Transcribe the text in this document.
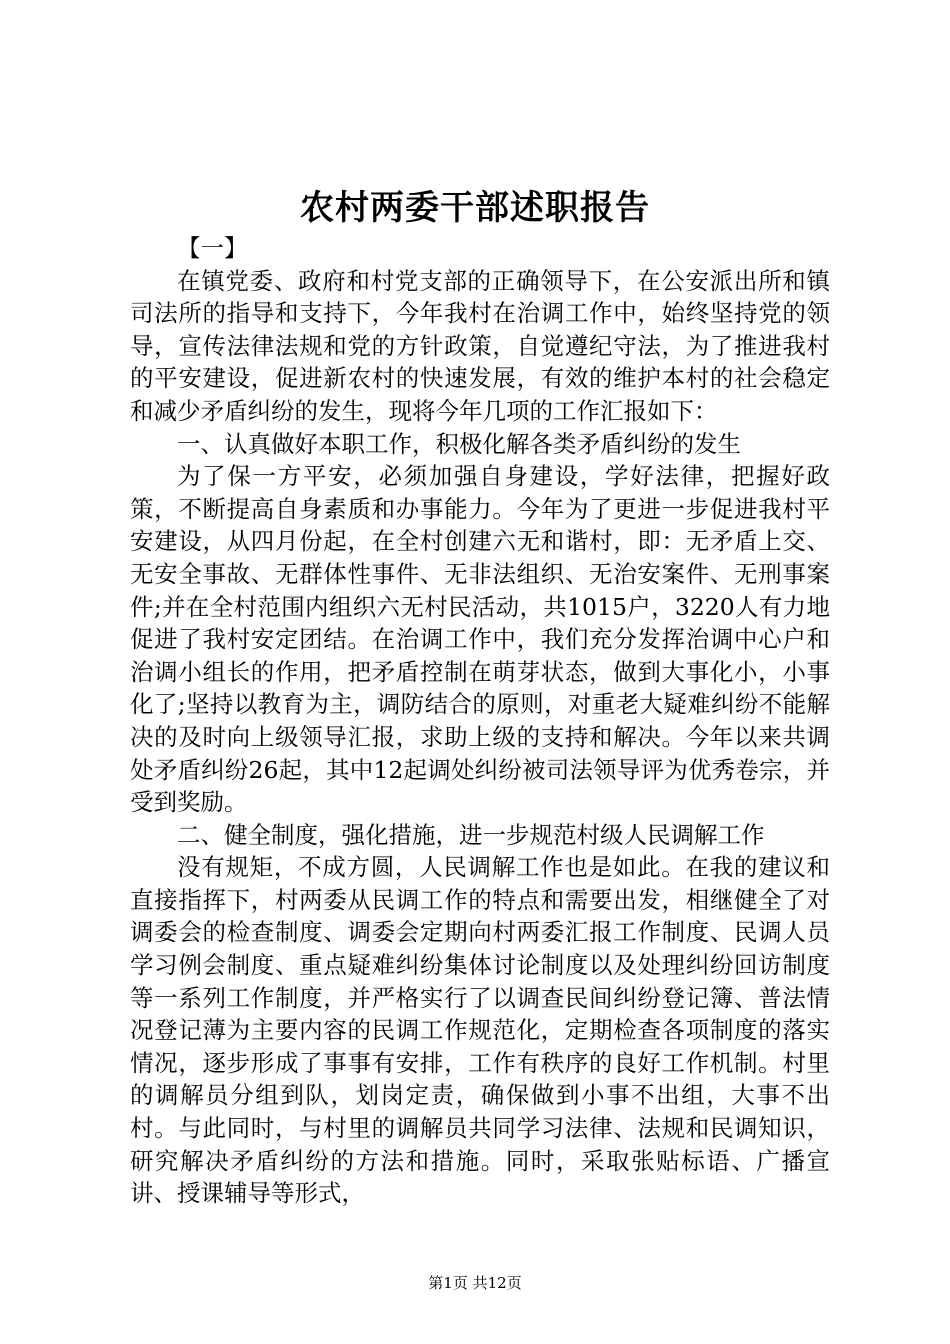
农村两委干部述职报告

【一】

在镇党委、政府和村党支部的正确领导下，在公安派出所和镇司法所的指导和支持下，今年我村在治调工作中，始终坚持党的领导，宣传法律法规和党的方针政策，自觉遵纪守法，为了推进我村的平安建设，促进新农村的快速发展，有效的维护本村的社会稳定和减少矛盾纠纷的发生，现将今年几项的工作汇报如下：

一、认真做好本职工作，积极化解各类矛盾纠纷的发生

为了保一方平安，必须加强自身建设，学好法律，把握好政策，不断提高自身素质和办事能力。今年为了更进一步促进我村平安建设，从四月份起，在全村创建六无和谐村，即：无矛盾上交、无安全事故、无群体性事件、无非法组织、无治安案件、无刑事案件;并在全村范围内组织六无村民活动，共1015户，3220人有力地促进了我村安定团结。在治调工作中，我们充分发挥治调中心户和治调小组长的作用，把矛盾控制在萌芽状态，做到大事化小，小事化了;坚持以教育为主，调防结合的原则，对重老大疑难纠纷不能解决的及时向上级领导汇报，求助上级的支持和解决。今年以来共调处矛盾纠纷26起，其中12起调处纠纷被司法领导评为优秀卷宗，并受到奖励。

二、健全制度，强化措施，进一步规范村级人民调解工作

没有规矩，不成方圆，人民调解工作也是如此。在我的建议和直接指挥下，村两委从民调工作的特点和需要出发，相继健全了对调委会的检查制度、调委会定期向村两委汇报工作制度、民调人员学习例会制度、重点疑难纠纷集体讨论制度以及处理纠纷回访制度等一系列工作制度，并严格实行了以调查民间纠纷登记簿、普法情况登记薄为主要内容的民调工作规范化，定期检查各项制度的落实情况，逐步形成了事事有安排，工作有秩序的良好工作机制。村里的调解员分组到队，划岗定责，确保做到小事不出组，大事不出村。与此同时，与村里的调解员共同学习法律、法规和民调知识，研究解决矛盾纠纷的方法和措施。同时，采取张贴标语、广播宣讲、授课辅导等形式，

第1页 共12页
